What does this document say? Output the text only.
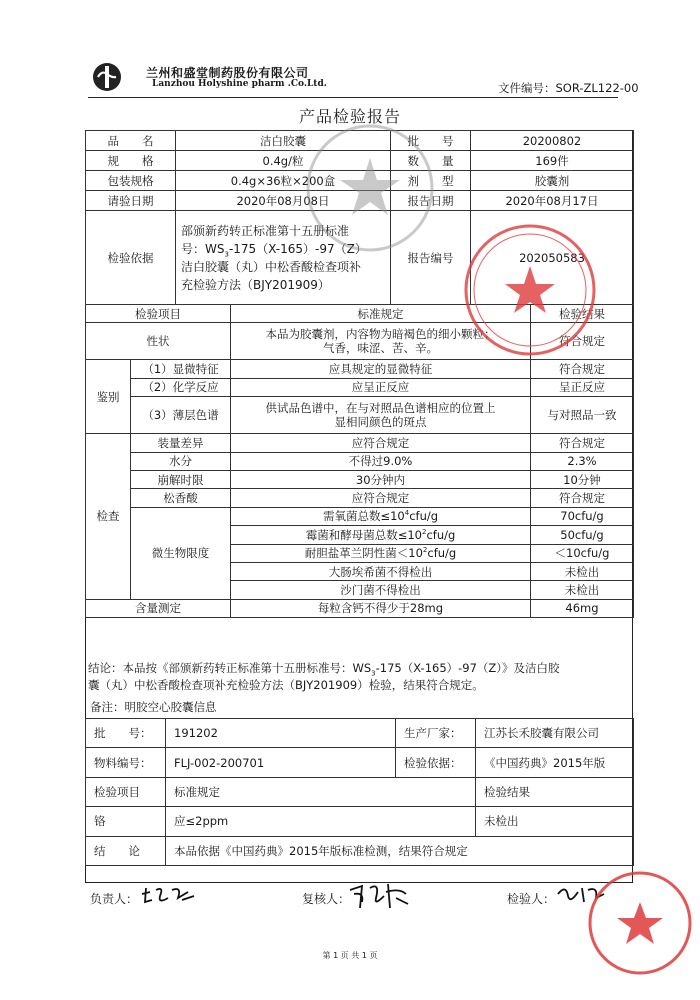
兰州和盛堂制药股份有限公司
Lanzhou Holyshine pharm .Co.Ltd.	文件编号：SOR-ZL122-00
产品检验报告
品　　名	洁白胶囊	批　　号	20200802
规　　格	0.4g/粒	数　　量	169件
包装规格	0.4g×36粒×200盒	剂　　型	胶囊剂
请验日期	2020年08月08日	报告日期	2020年08月17日
检验依据	部颁新药转正标准第十五册标准
号：$WS_3-175(X-165)-97(Z)$
洁白胶囊（丸）中松香酸检查项补
充检验方法（BJY201909）	报告编号	202050583
检验项目		标准规定	检验结果
性状		本品为胶囊剂，内容物为暗褐色的细小颗粒；
气香，味涩、苦、辛。	符合规定
鉴别	（1）显微特征	应具规定的显微特征	符合规定
	（2）化学反应	应呈正反应	呈正反应
	（3）薄层色谱	供试品色谱中，在与对照品色谱相应的位置上
显相同颜色的斑点	与对照品一致
检查	装量差异	应符合规定	符合规定
	水分	不得过9.0%	2.3%
	崩解时限	30分钟内	10分钟
	松香酸	应符合规定	符合规定
	微生物限度	需氧菌总数$\le 10^4cfu/g$	70cfu/g
		霉菌和酵母菌总数$\le 10^2cfu/g$	50cfu/g
		耐胆盐革兰阴性菌$<10^2cfu/g$	＜10cfu/g
		大肠埃希菌不得检出	未检出
		沙门菌不得检出	未检出
含量测定		每粒含钙不得少于28mg	46mg
结论：本品按《部颁新药转正标准第十五册标准号：$WS_3-175(X-165)-97(Z)$》及洁白胶
囊（丸）中松香酸检查项补充检验方法（BJY201909）检验，结果符合规定。
备注：明胶空心胶囊信息
批　　号：	191202	生产厂家：	江苏长禾胶囊有限公司
物料编号：	FLJ-002-200701	检验依据：	《中国药典》2015年版
检验项目	标准规定		检验结果
铬	应≤2ppm		未检出
结　　论	本品依据《中国药典》2015年版标准检测，结果符合规定		
负责人：	复核人：	检验人：
第 1 页 共 1 页
